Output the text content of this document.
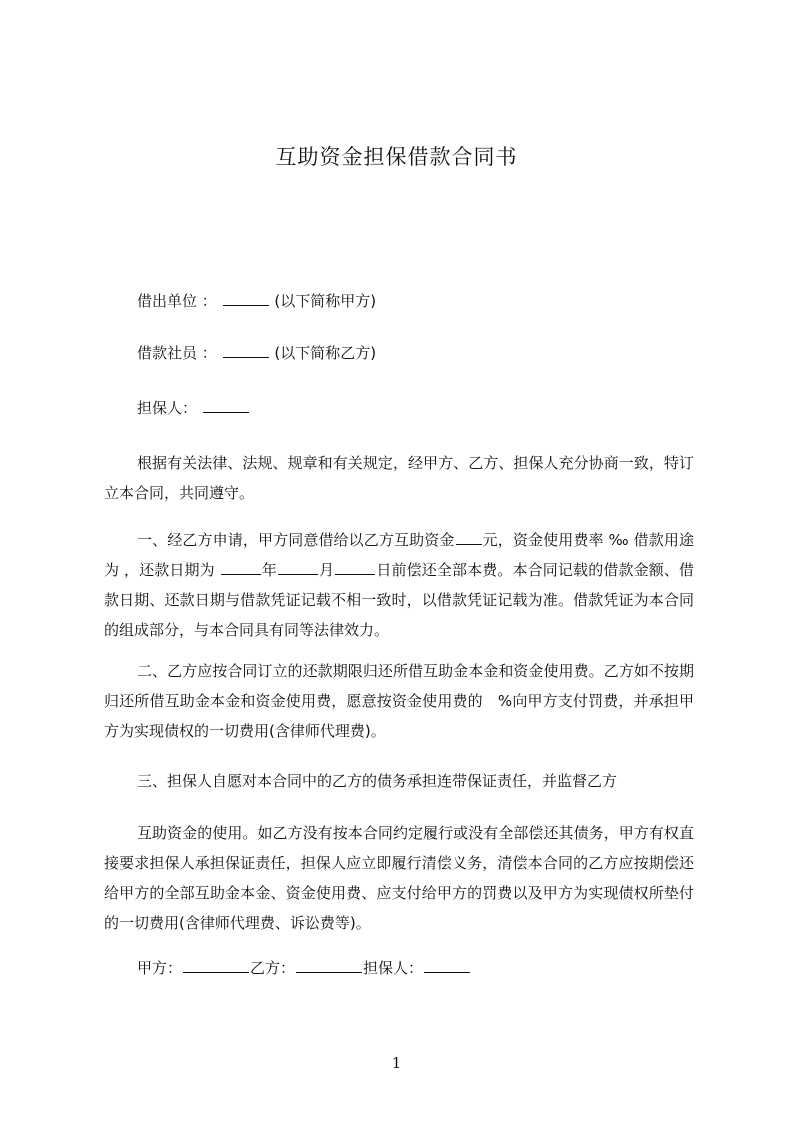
互助资金担保借款合同书
借出单位 ：	(以下简称甲方)
借款社员 ：	(以下简称乙方)
担保人：
根据有关法律、法规、规章和有关规定，经甲方、乙方、担保人充分协商一致，特订立本合同，共同遵守。
一、经乙方申请，甲方同意借给以乙方互助资金 元，资金使用费率 ‰ 借款用途为 ，还款日期为	年	月	日前偿还全部本费。本合同记载的借款金额、借款日期、还款日期与借款凭证记载不相一致时，以借款凭证记载为准。借款凭证为本合同的组成部分，与本合同具有同等法律效力。
二、乙方应按合同订立的还款期限归还所借互助金本金和资金使用费。乙方如不按期归还所借互助金本金和资金使用费，愿意按资金使用费的　%向甲方支付罚费，并承担甲方为实现债权的一切费用(含律师代理费)。
三、担保人自愿对本合同中的乙方的债务承担连带保证责任，并监督乙方
互助资金的使用。如乙方没有按本合同约定履行或没有全部偿还其债务，甲方有权直接要求担保人承担保证责任，担保人应立即履行清偿义务，清偿本合同的乙方应按期偿还给甲方的全部互助金本金、资金使用费、应支付给甲方的罚费以及甲方为实现债权所垫付的一切费用(含律师代理费、诉讼费等)。
甲方：	乙方：	担保人：
1
